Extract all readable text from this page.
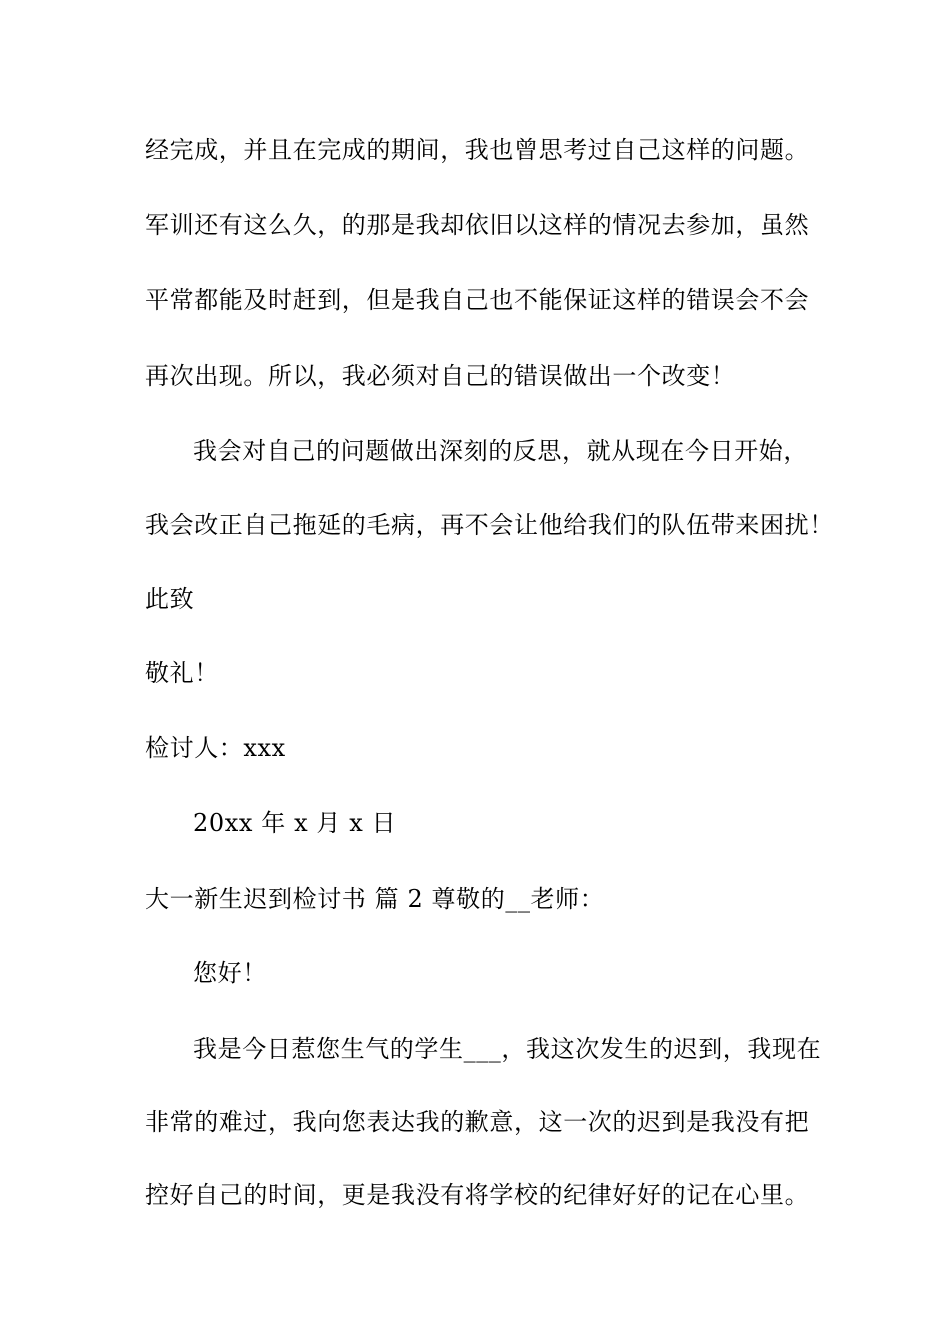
经完成，并且在完成的期间，我也曾思考过自己这样的问题。
军训还有这么久，的那是我却依旧以这样的情况去参加，虽然
平常都能及时赶到，但是我自己也不能保证这样的错误会不会
再次出现。所以，我必须对自己的错误做出一个改变！
我会对自己的问题做出深刻的反思，就从现在今日开始，
我会改正自己拖延的毛病，再不会让他给我们的队伍带来困扰！
此致
敬礼！
检讨人：xxx
20xx 年 x 月 x 日
大一新生迟到检讨书 篇 2 尊敬的__老师：
您好！
我是今日惹您生气的学生___，我这次发生的迟到，我现在
非常的难过，我向您表达我的歉意，这一次的迟到是我没有把
控好自己的时间，更是我没有将学校的纪律好好的记在心里。
